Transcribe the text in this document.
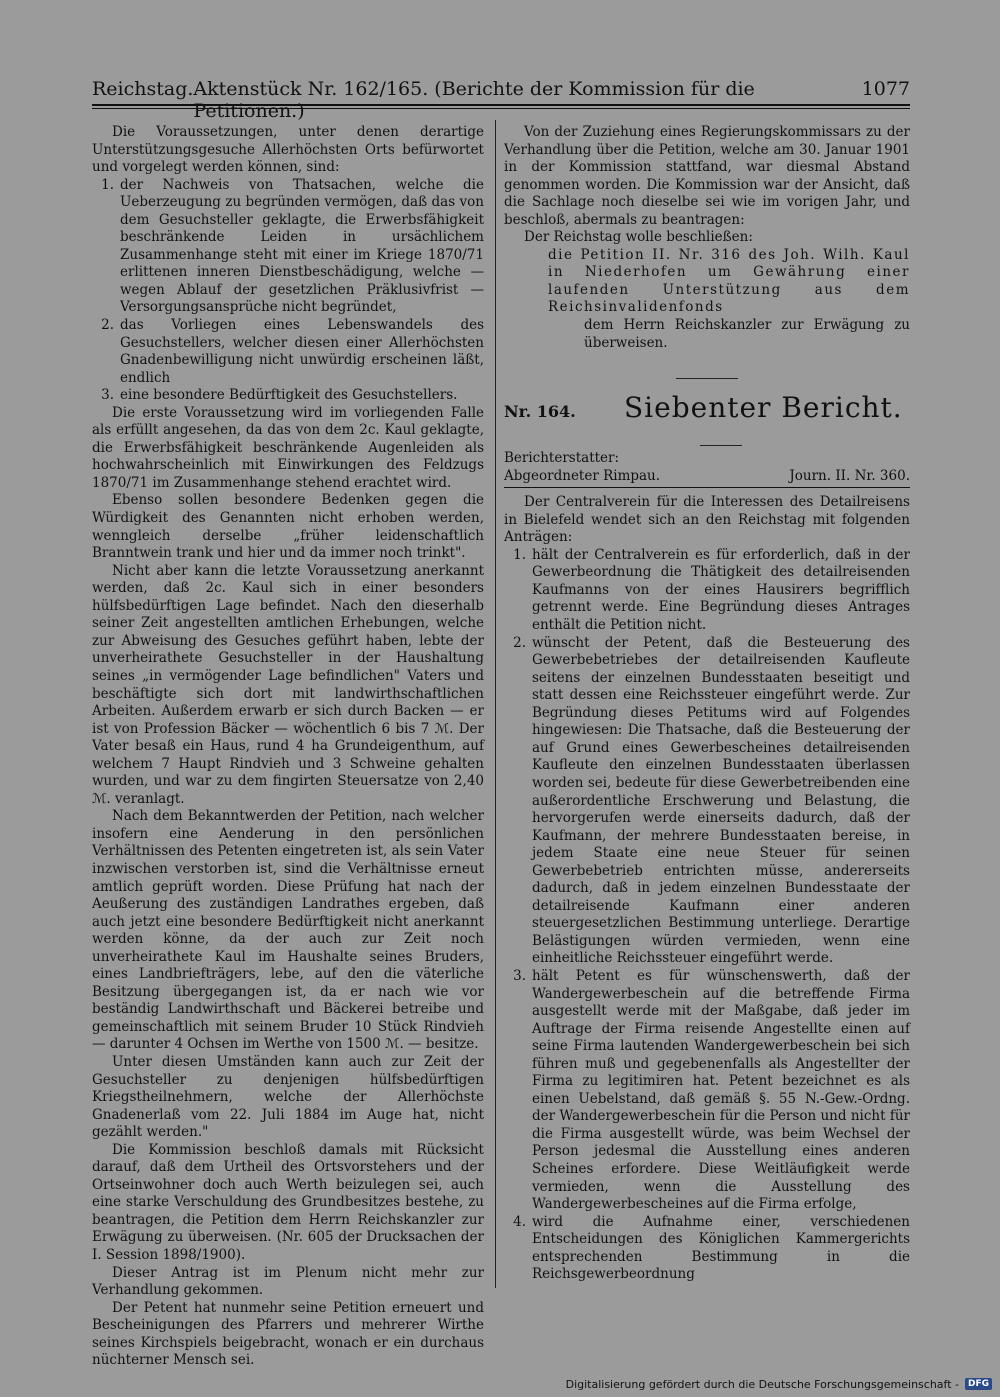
Reichstag. Aktenstück Nr. 162/165. (Berichte der Kommission für die Petitionen.)
1077

Die Voraussetzungen, unter denen derartige Unterstützungsgesuche Allerhöchsten Orts befürwortet und vorgelegt werden können, sind:

1. der Nachweis von Thatsachen, welche die Ueberzeugung zu begründen vermögen, daß das von dem Gesuchsteller geklagte, die Erwerbsfähigkeit beschränkende Leiden in ursächlichem Zusammenhange steht mit einer im Kriege 1870/71 erlittenen inneren Dienstbeschädigung, welche — wegen Ablauf der gesetzlichen Präklusivfrist — Versorgungsansprüche nicht begründet,
2. das Vorliegen eines Lebenswandels des Gesuchstellers, welcher diesen einer Allerhöchsten Gnadenbewilligung nicht unwürdig erscheinen läßt, endlich
3. eine besondere Bedürftigkeit des Gesuchstellers.

Die erste Voraussetzung wird im vorliegenden Falle als erfüllt angesehen, da das von dem 2c. Kaul geklagte, die Erwerbsfähigkeit beschränkende Augenleiden als hochwahrscheinlich mit Einwirkungen des Feldzugs 1870/71 im Zusammenhange stehend erachtet wird.

Ebenso sollen besondere Bedenken gegen die Würdigkeit des Genannten nicht erhoben werden, wenngleich derselbe „früher leidenschaftlich Branntwein trank und hier und da immer noch trinkt".

Nicht aber kann die letzte Voraussetzung anerkannt werden, daß 2c. Kaul sich in einer besonders hülfsbedürftigen Lage befindet. Nach den dieserhalb seiner Zeit angestellten amtlichen Erhebungen, welche zur Abweisung des Gesuches geführt haben, lebte der unverheirathete Gesuchsteller in der Haushaltung seines „in vermögender Lage befindlichen" Vaters und beschäftigte sich dort mit landwirthschaftlichen Arbeiten. Außerdem erwarb er sich durch Backen — er ist von Profession Bäcker — wöchentlich 6 bis 7 ℳ. Der Vater besaß ein Haus, rund 4 ha Grundeigenthum, auf welchem 7 Haupt Rindvieh und 3 Schweine gehalten wurden, und war zu dem fingirten Steuersatze von 2,40 ℳ. veranlagt.

Nach dem Bekanntwerden der Petition, nach welcher insofern eine Aenderung in den persönlichen Verhältnissen des Petenten eingetreten ist, als sein Vater inzwischen verstorben ist, sind die Verhältnisse erneut amtlich geprüft worden. Diese Prüfung hat nach der Aeußerung des zuständigen Landrathes ergeben, daß auch jetzt eine besondere Bedürftigkeit nicht anerkannt werden könne, da der auch zur Zeit noch unverheirathete Kaul im Haushalte seines Bruders, eines Landbriefträgers, lebe, auf den die väterliche Besitzung übergegangen ist, da er nach wie vor beständig Landwirthschaft und Bäckerei betreibe und gemeinschaftlich mit seinem Bruder 10 Stück Rindvieh — darunter 4 Ochsen im Werthe von 1500 ℳ. — besitze.

Unter diesen Umständen kann auch zur Zeit der Gesuchsteller zu denjenigen hülfsbedürftigen Kriegstheilnehmern, welche der Allerhöchste Gnadenerlaß vom 22. Juli 1884 im Auge hat, nicht gezählt werden."

Die Kommission beschloß damals mit Rücksicht darauf, daß dem Urtheil des Ortsvorstehers und der Ortseinwohner doch auch Werth beizulegen sei, auch eine starke Verschuldung des Grundbesitzes bestehe, zu beantragen, die Petition dem Herrn Reichskanzler zur Erwägung zu überweisen. (Nr. 605 der Drucksachen der I. Session 1898/1900).

Dieser Antrag ist im Plenum nicht mehr zur Verhandlung gekommen.

Der Petent hat nunmehr seine Petition erneuert und Bescheinigungen des Pfarrers und mehrerer Wirthe seines Kirchspiels beigebracht, wonach er ein durchaus nüchterner Mensch sei.

Von der Zuziehung eines Regierungskommissars zu der Verhandlung über die Petition, welche am 30. Januar 1901 in der Kommission stattfand, war diesmal Abstand genommen worden. Die Kommission war der Ansicht, daß die Sachlage noch dieselbe sei wie im vorigen Jahr, und beschloß, abermals zu beantragen:

Der Reichstag wolle beschließen:

die Petition II. Nr. 316 des Joh. Wilh. Kaul in Niederhofen um Gewährung einer laufenden Unterstützung aus dem Reichsinvalidenfonds

dem Herrn Reichskanzler zur Erwägung zu überweisen.

Nr. 164.	Siebenter Bericht.

Berichterstatter:

Abgeordneter Rimpau.	Journ. II. Nr. 360.

Der Centralverein für die Interessen des Detailreisens in Bielefeld wendet sich an den Reichstag mit folgenden Anträgen:

1. hält der Centralverein es für erforderlich, daß in der Gewerbeordnung die Thätigkeit des detailreisenden Kaufmanns von der eines Hausirers begrifflich getrennt werde. Eine Begründung dieses Antrages enthält die Petition nicht.
2. wünscht der Petent, daß die Besteuerung des Gewerbebetriebes der detailreisenden Kaufleute seitens der einzelnen Bundesstaaten beseitigt und statt dessen eine Reichssteuer eingeführt werde. Zur Begründung dieses Petitums wird auf Folgendes hingewiesen: Die Thatsache, daß die Besteuerung der auf Grund eines Gewerbescheines detailreisenden Kaufleute den einzelnen Bundesstaaten überlassen worden sei, bedeute für diese Gewerbetreibenden eine außerordentliche Erschwerung und Belastung, die hervorgerufen werde einerseits dadurch, daß der Kaufmann, der mehrere Bundesstaaten bereise, in jedem Staate eine neue Steuer für seinen Gewerbebetrieb entrichten müsse, andererseits dadurch, daß in jedem einzelnen Bundesstaate der detailreisende Kaufmann einer anderen steuergesetzlichen Bestimmung unterliege. Derartige Belästigungen würden vermieden, wenn eine einheitliche Reichssteuer eingeführt werde.
3. hält Petent es für wünschenswerth, daß der Wandergewerbeschein auf die betreffende Firma ausgestellt werde mit der Maßgabe, daß jeder im Auftrage der Firma reisende Angestellte einen auf seine Firma lautenden Wandergewerbeschein bei sich führen muß und gegebenenfalls als Angestellter der Firma zu legitimiren hat. Petent bezeichnet es als einen Uebelstand, daß gemäß §. 55 N.-Gew.-Ordng. der Wandergewerbeschein für die Person und nicht für die Firma ausgestellt würde, was beim Wechsel der Person jedesmal die Ausstellung eines anderen Scheines erfordere. Diese Weitläufigkeit werde vermieden, wenn die Ausstellung des Wandergewerbescheines auf die Firma erfolge,
4. wird die Aufnahme einer, verschiedenen Entscheidungen des Königlichen Kammergerichts entsprechenden Bestimmung in die Reichsgewerbeordnung
Digitalisierung gefördert durch die Deutsche Forschungsgemeinschaft -	DFG
